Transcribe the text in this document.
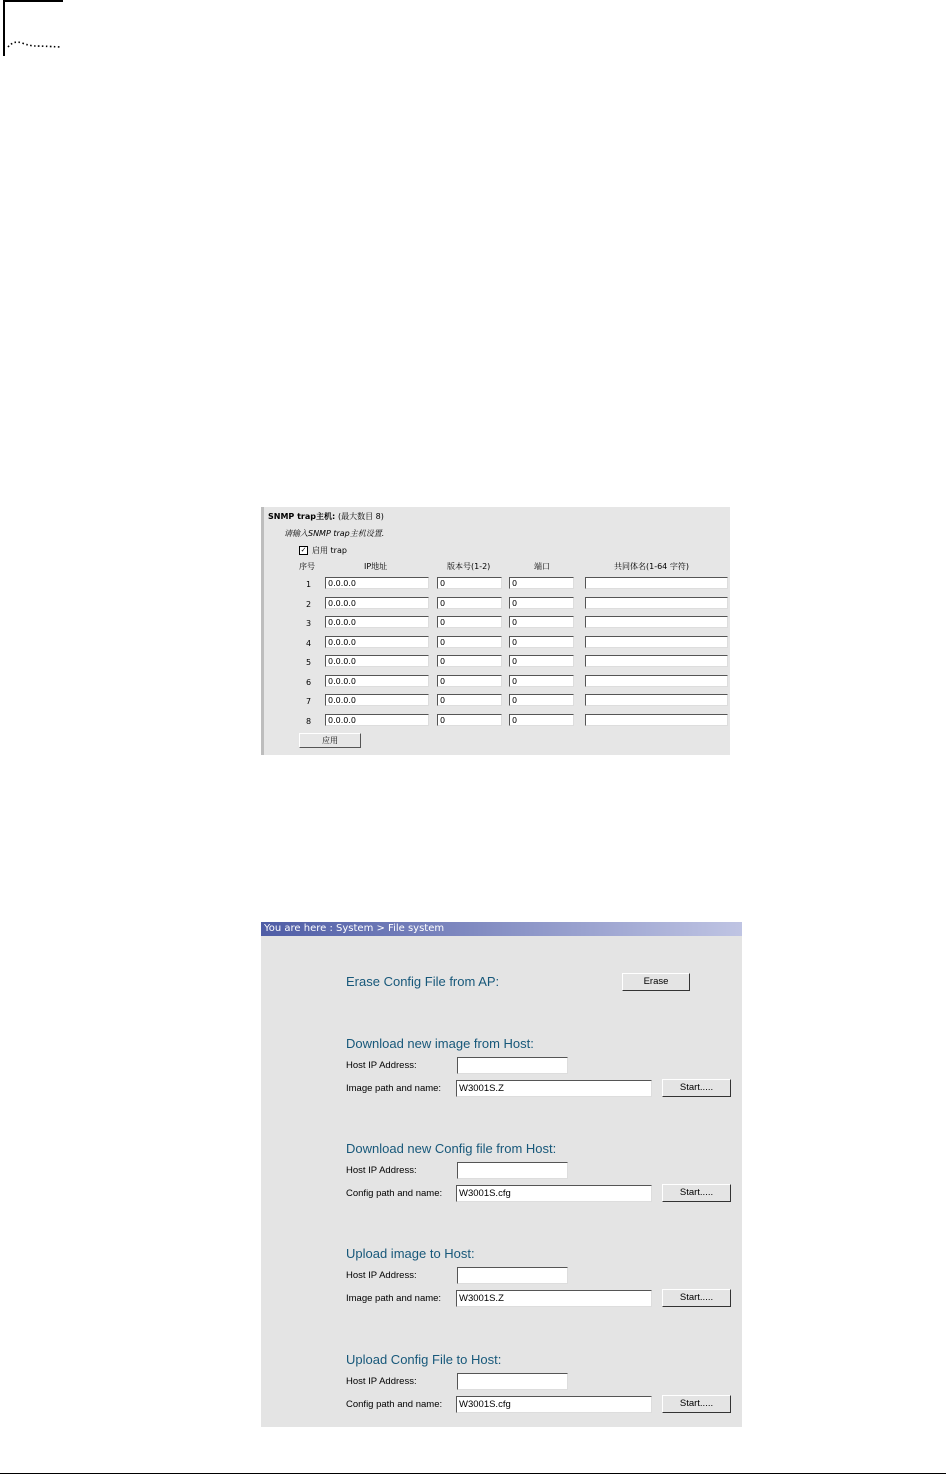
SNMP trap主机: (最大数目 8)
请输入SNMP trap主机设置.
✓ 启用 trap
序号	IP地址	版本号(1-2)	端口	共同体名(1-64 字符)
1	0.0.0.0	0	0
2	0.0.0.0	0	0
3	0.0.0.0	0	0
4	0.0.0.0	0	0
5	0.0.0.0	0	0
6	0.0.0.0	0	0
7	0.0.0.0	0	0
8	0.0.0.0	0	0
应用
You are here : System > File system
Erase Config File from AP:	Erase
Download new image from Host:
Host IP Address:
Image path and name:	W3001S.Z	Start.....
Download new Config file from Host:
Host IP Address:
Config path and name:	W3001S.cfg	Start.....
Upload image to Host:
Host IP Address:
Image path and name:	W3001S.Z	Start.....
Upload Config File to Host:
Host IP Address:
Config path and name:	W3001S.cfg	Start.....
